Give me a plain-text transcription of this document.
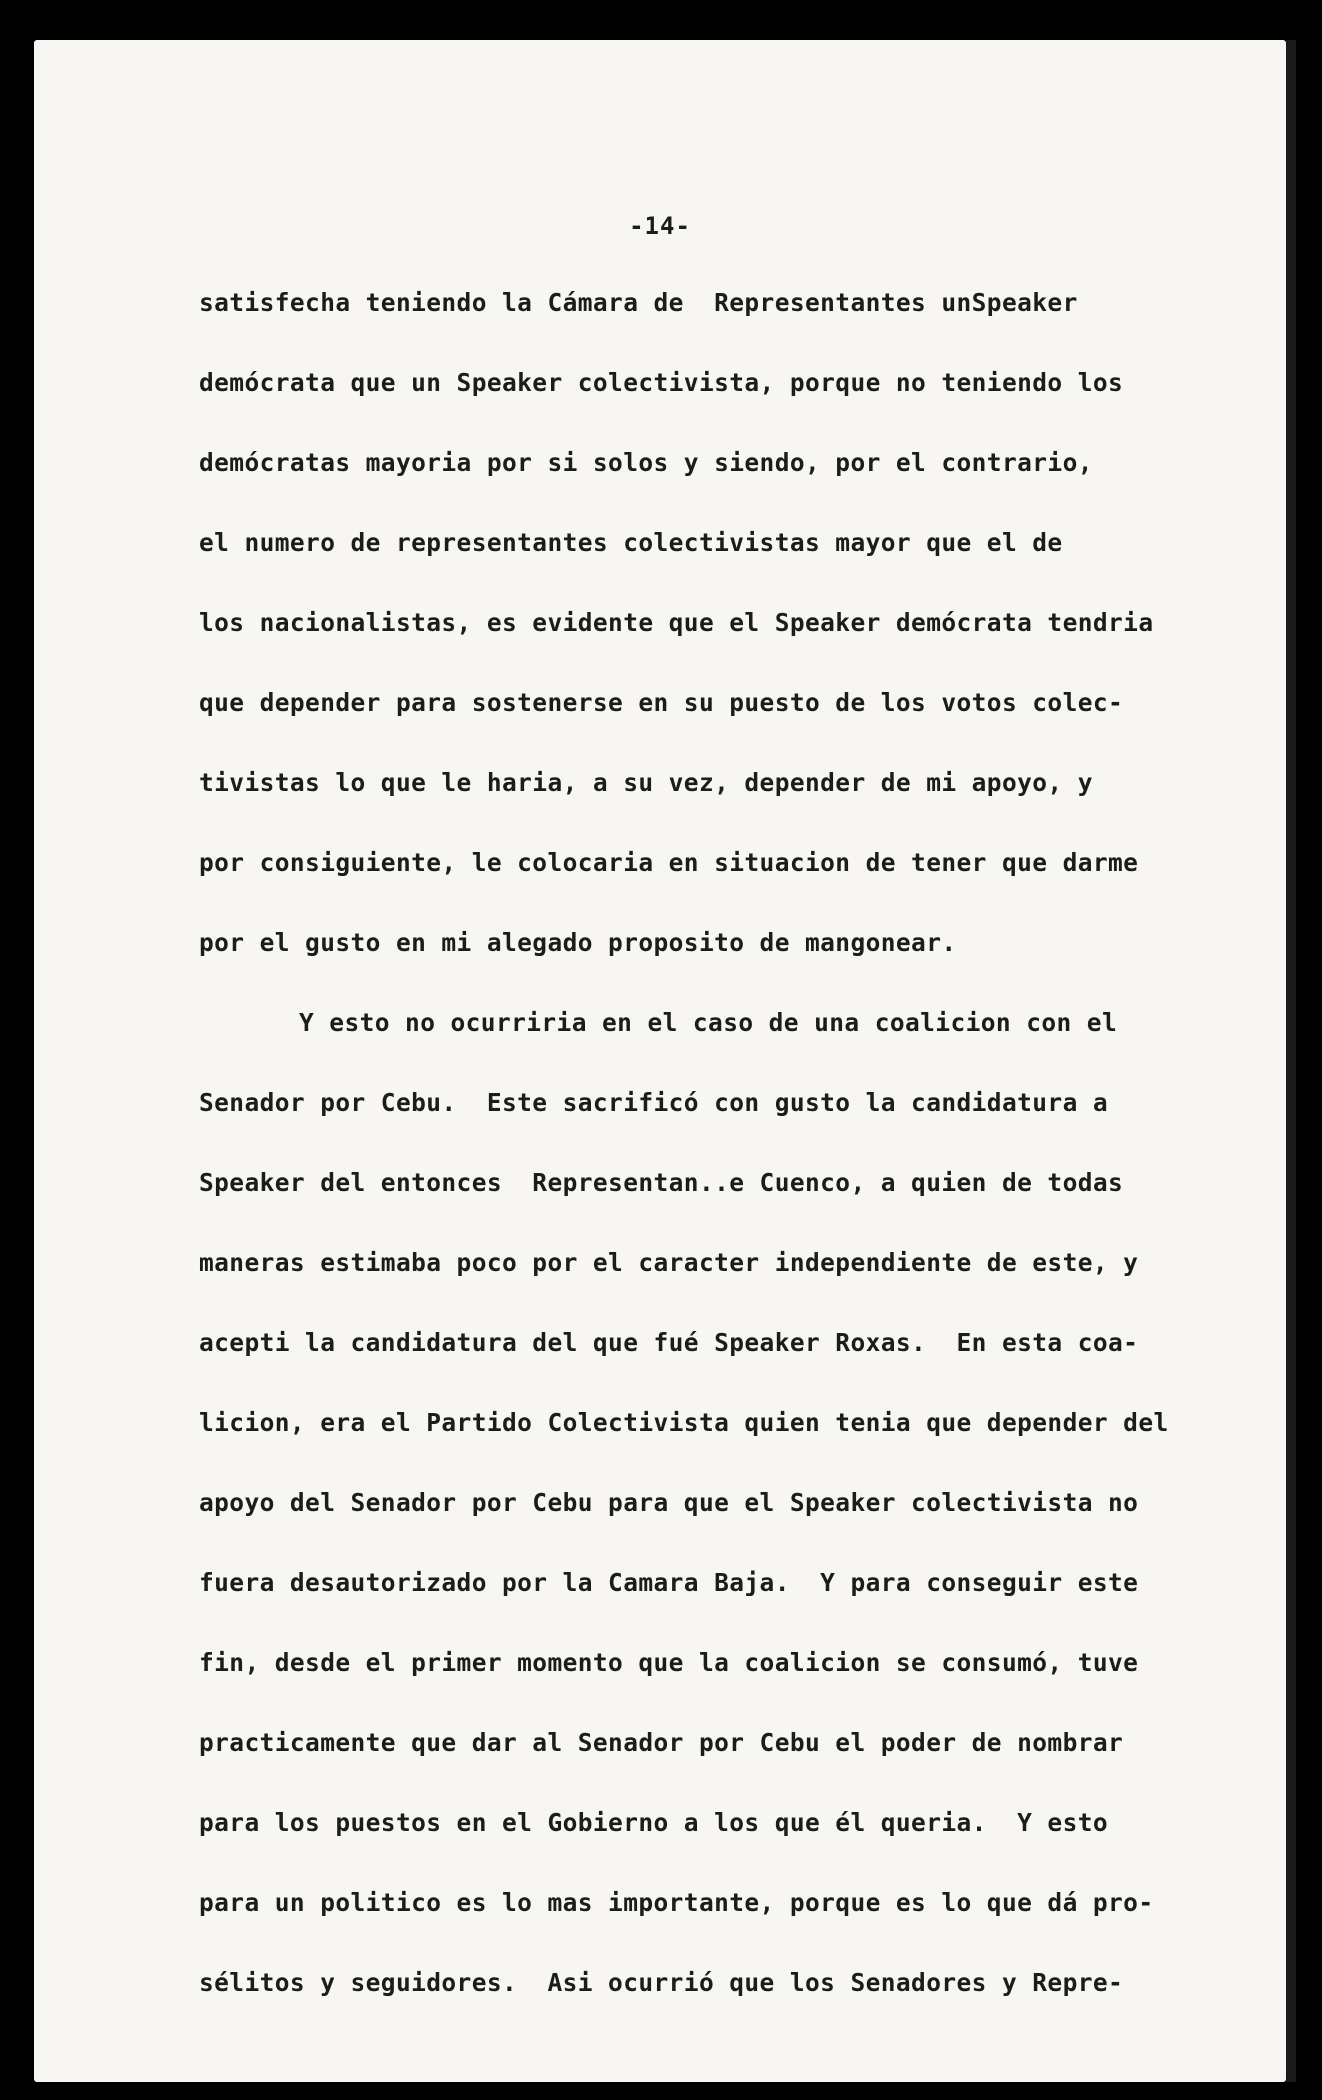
-14-
satisfecha teniendo la Cámara de  Representantes unSpeaker
demócrata que un Speaker colectivista, porque no teniendo los
demócratas mayoria por si solos y siendo, por el contrario,
el numero de representantes colectivistas mayor que el de
los nacionalistas, es evidente que el Speaker demócrata tendria
que depender para sostenerse en su puesto de los votos colec-
tivistas lo que le haria, a su vez, depender de mi apoyo, y
por consiguiente, le colocaria en situacion de tener que darme
por el gusto en mi alegado proposito de mangonear.
Y esto no ocurriria en el caso de una coalicion con el
Senador por Cebu.  Este sacrificó con gusto la candidatura a
Speaker del entonces  Representan..e Cuenco, a quien de todas
maneras estimaba poco por el caracter independiente de este, y
acepti la candidatura del que fué Speaker Roxas.  En esta coa-
licion, era el Partido Colectivista quien tenia que depender del
apoyo del Senador por Cebu para que el Speaker colectivista no
fuera desautorizado por la Camara Baja.  Y para conseguir este
fin, desde el primer momento que la coalicion se consumó, tuve
practicamente que dar al Senador por Cebu el poder de nombrar
para los puestos en el Gobierno a los que él queria.  Y esto
para un politico es lo mas importante, porque es lo que dá pro-
sélitos y seguidores.  Asi ocurrió que los Senadores y Repre-
